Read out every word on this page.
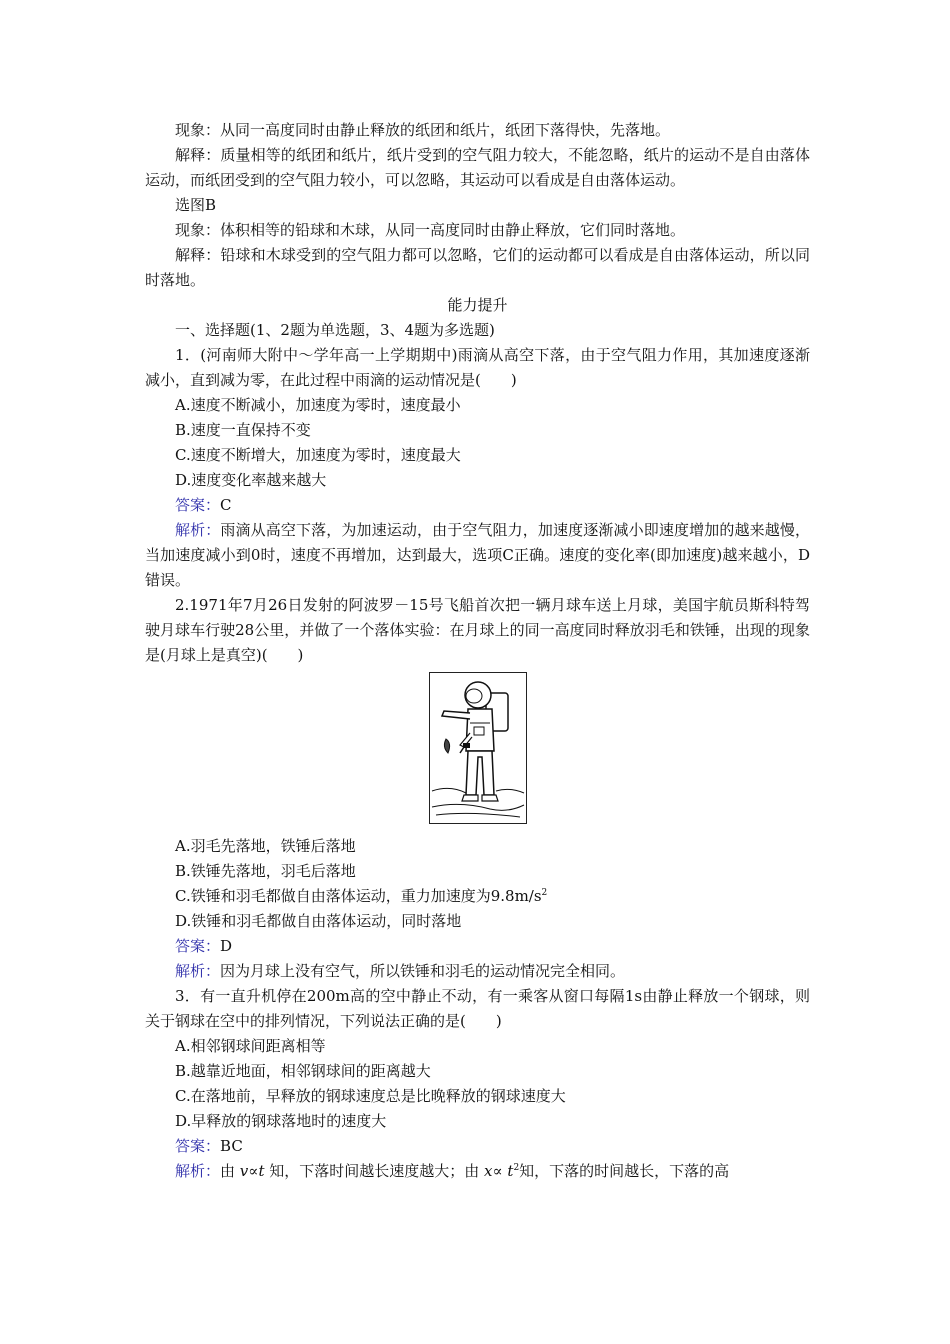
现象：从同一高度同时由静止释放的纸团和纸片，纸团下落得快，先落地。

解释：质量相等的纸团和纸片，纸片受到的空气阻力较大，不能忽略，纸片的运动不是自由落体运动，而纸团受到的空气阻力较小，可以忽略，其运动可以看成是自由落体运动。

选图B

现象：体积相等的铅球和木球，从同一高度同时由静止释放，它们同时落地。

解释：铅球和木球受到的空气阻力都可以忽略，它们的运动都可以看成是自由落体运动，所以同时落地。

能力提升

一、选择题(1、2题为单选题，3、4题为多选题)

1．(河南师大附中～学年高一上学期期中)雨滴从高空下落，由于空气阻力作用，其加速度逐渐减小，直到减为零，在此过程中雨滴的运动情况是(　　)

A.速度不断减小，加速度为零时，速度最小

B.速度一直保持不变

C.速度不断增大，加速度为零时，速度最大

D.速度变化率越来越大

答案：C

解析：雨滴从高空下落，为加速运动，由于空气阻力，加速度逐渐减小即速度增加的越来越慢，当加速度减小到0时，速度不再增加，达到最大，选项C正确。速度的变化率(即加速度)越来越小，D错误。

2.1971年7月26日发射的阿波罗－15号飞船首次把一辆月球车送上月球，美国宇航员斯科特驾驶月球车行驶28公里，并做了一个落体实验：在月球上的同一高度同时释放羽毛和铁锤，出现的现象是(月球上是真空)(　　)

A.羽毛先落地，铁锤后落地

B.铁锤先落地，羽毛后落地

C.铁锤和羽毛都做自由落体运动，重力加速度为$9.8m/s^2$

D.铁锤和羽毛都做自由落体运动，同时落地

答案：D

解析：因为月球上没有空气，所以铁锤和羽毛的运动情况完全相同。

3．有一直升机停在200m高的空中静止不动，有一乘客从窗口每隔1s由静止释放一个钢球，则关于钢球在空中的排列情况，下列说法正确的是(　　)

A.相邻钢球间距离相等

B.越靠近地面，相邻钢球间的距离越大

C.在落地前，早释放的钢球速度总是比晚释放的钢球速度大

D.早释放的钢球落地时的速度大

答案：BC

解析：由 v∝t 知，下落时间越长速度越大；由 $x\propto t^2$知，下落的时间越长，下落的高
